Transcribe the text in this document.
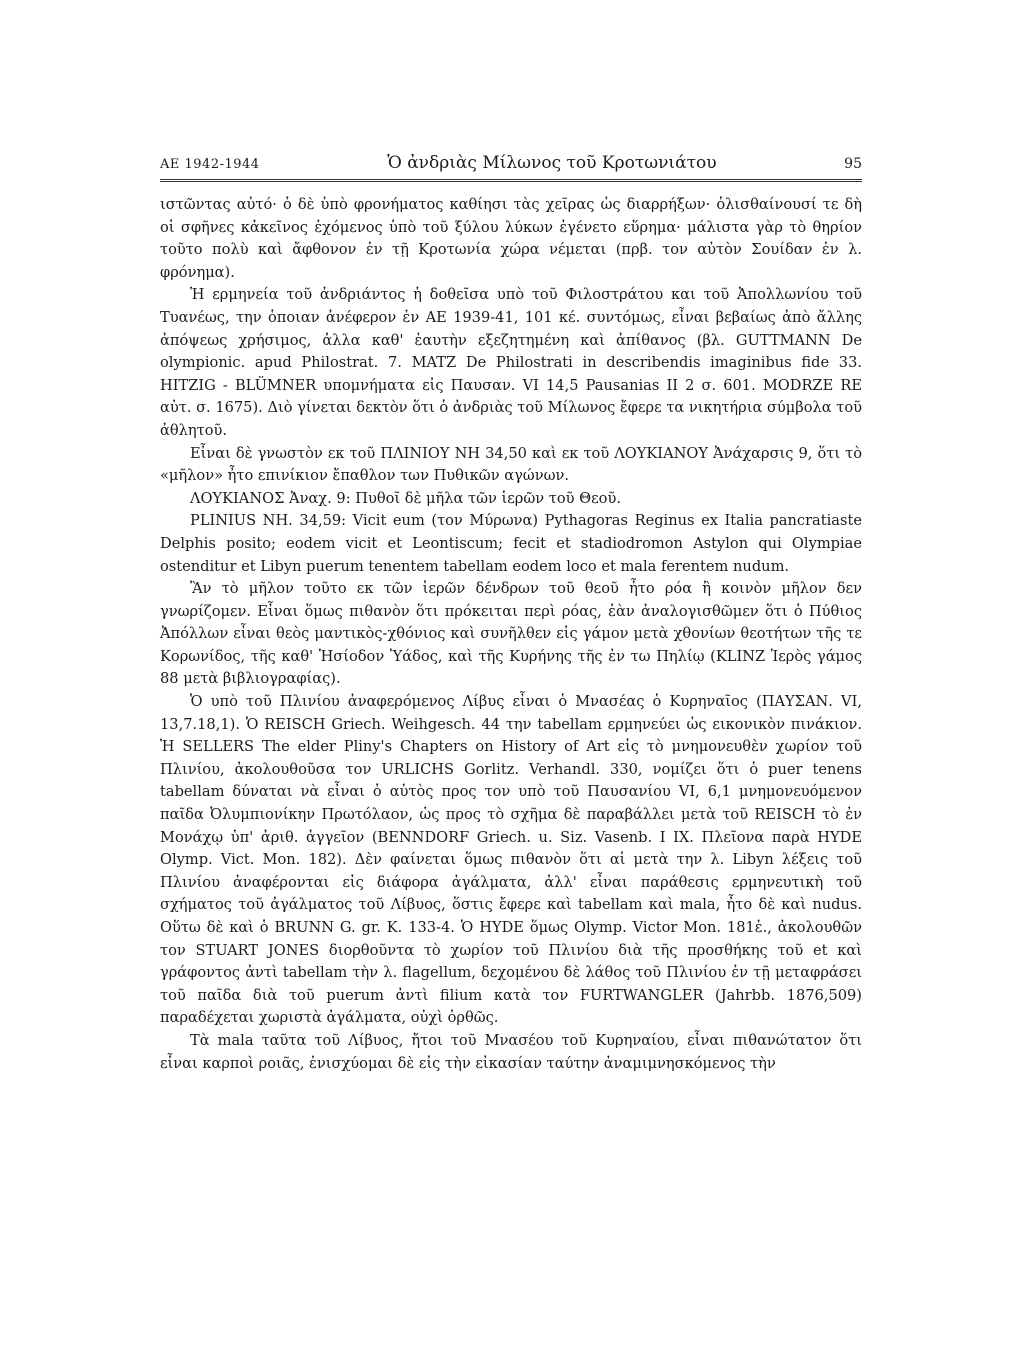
ΑΕ 1942-1944	Ὁ ἀνδριὰς Μίλωνος τοῦ Κροτωνιάτου	95

ιστῶντας αὐτό· ὁ δὲ ὑπὸ φρονήματος καθίησι τὰς χεῖρας ὡς διαρρήξων· ὀλισθαίνουσί τε δὴ οἱ σφῆνες κἀκεῖνος ἐχόμενος ὑπὸ τοῦ ξύλου λύκων ἐγένετο εὕρημα· μάλιστα γὰρ τὸ θηρίον τοῦτο πολὺ καὶ ἄφθονον ἐν τῇ Κροτωνία χώρα νέμεται (πρβ. τον αὐτὸν Σουίδαν ἐν λ. φρόνημα).

Ἡ ερμηνεία τοῦ ἀνδριάντος ἡ δοθεῖσα υπὸ τοῦ Φιλοστράτου και τοῦ Ἀπολλωνίου τοῦ Τυανέως, την ὁποιαν ἀνέφερον ἐν ΑΕ 1939-41, 101 κέ. συντόμως, εἶναι βεβαίως ἀπὸ ἄλλης ἀπόψεως χρήσιμος, ἀλλα καθ' ἑαυτὴν εξεζητημένη καὶ ἀπίθανος (βλ. GUTTMANN De olympionic. apud Philostrat. 7. MATZ De Philostrati in describendis imaginibus fide 33. HITZIG - BLÜMNER υπομνήματα εἰς Παυσαν. VI 14,5 Pausanias II 2 σ. 601. MODRZE RE αὐτ. σ. 1675). Διὸ γίνεται δεκτὸν ὅτι ὁ ἀνδριὰς τοῦ Μίλωνος ἔφερε τα νικητήρια σύμβολα τοῦ ἀθλητοῦ.

Εἶναι δὲ γνωστὸν εκ τοῦ ΠΛΙΝΙΟΥ ΝΗ 34,50 καὶ εκ τοῦ ΛΟΥΚΙΑΝΟΥ Ἀνάχαρσις 9, ὅτι τὸ «μῆλον» ἦτο επινίκιον ἔπαθλον των Πυθικῶν αγώνων.

ΛΟΥΚΙΑΝΟΣ Ἀναχ. 9: Πυθοῖ δὲ μῆλα τῶν ἱερῶν τοῦ Θεοῦ.

PLINIUS NH. 34,59: Vicit eum (τον Μύρωνα) Pythagoras Reginus ex Italia pancratiaste Delphis posito; eodem vicit et Leontiscum; fecit et stadiodromon Astylon qui Olympiae ostenditur et Libyn puerum tenentem tabellam eodem loco et mala ferentem nudum.

Ἂν τὸ μῆλον τοῦτο εκ τῶν ἱερῶν δένδρων τοῦ θεοῦ ἦτο ρόα ἢ κοινὸν μῆλον δεν γνωρίζομεν. Εἶναι ὅμως πιθανὸν ὅτι πρόκειται περὶ ρόας, ἐὰν ἀναλογισθῶμεν ὅτι ὁ Πύθιος Ἀπόλλων εἶναι θεὸς μαντικὸς-χθόνιος καὶ συνῆλθεν εἰς γάμον μετὰ χθονίων θεοτήτων τῆς τε Κορωνίδος, τῆς καθ' Ἡσίοδον Ὑάδος, καὶ τῆς Κυρήνης τῆς ἐν τω Πηλίῳ (KLINZ Ἱερὸς γάμος 88 μετὰ βιβλιογραφίας).

Ὁ υπὸ τοῦ Πλινίου ἀναφερόμενος Λίβυς εἶναι ὁ Μνασέας ὁ Κυρηναῖος (ΠΑΥΣΑΝ. VI, 13,7.18,1). Ὁ REISCH Griech. Weihgesch. 44 την tabellam ερμηνεύει ὡς εικονικὸν πινάκιον. Ἡ SELLERS The elder Pliny's Chapters on History of Art εἰς τὸ μνημονευθὲν χωρίον τοῦ Πλινίου, ἀκολουθοῦσα τον URLICHS Gorlitz. Verhandl. 330, νομίζει ὅτι ὁ puer tenens tabellam δύναται νὰ εἶναι ὁ αὐτὸς προς τον υπὸ τοῦ Παυσανίου VI, 6,1 μνημονευόμενον παῖδα Ὀλυμπιονίκην Πρωτόλαον, ὡς προς τὸ σχῆμα δὲ παραβάλλει μετὰ τοῦ REISCH τὸ ἐν Μονάχῳ ὑπ' ἀριθ. ἀγγεῖον (BENNDORF Griech. u. Siz. Vasenb. I IX. Πλεῖονα παρὰ HYDE Olymp. Vict. Mon. 182). Δὲν φαίνεται ὅμως πιθανὸν ὅτι αἱ μετὰ την λ. Libyn λέξεις τοῦ Πλινίου ἀναφέρονται εἰς διάφορα ἀγάλματα, ἀλλ' εἶναι παράθεσις ερμηνευτικὴ τοῦ σχήματος τοῦ ἀγάλματος τοῦ Λίβυος, ὅστις ἔφερε καὶ tabellam καὶ mala, ἦτο δὲ καὶ nudus. Οὕτω δὲ καὶ ὁ BRUNN G. gr. K. 133-4. Ὁ HYDE ὅμως Olymp. Victor Mon. 181ἑ., ἀκολουθῶν τον STUART JONES διορθοῦντα τὸ χωρίον τοῦ Πλινίου διὰ τῆς προσθήκης τοῦ et καὶ γράφοντος ἀντὶ tabellam τὴν λ. flagellum, δεχομένου δὲ λάθος τοῦ Πλινίου ἐν τῇ μεταφράσει τοῦ παῖδα διὰ τοῦ puerum ἀντὶ filium κατὰ τον FURTWANGLER (Jahrbb. 1876,509) παραδέχεται χωριστὰ ἀγάλματα, οὐχὶ ὀρθῶς.

Τὰ mala ταῦτα τοῦ Λίβυος, ἤτοι τοῦ Μνασέου τοῦ Κυρηναίου, εἶναι πιθανώτατον ὅτι εἶναι καρποὶ ροιᾶς, ἐνισχύομαι δὲ εἰς τὴν εἰκασίαν ταύτην ἀναμιμνησκόμενος τὴν
